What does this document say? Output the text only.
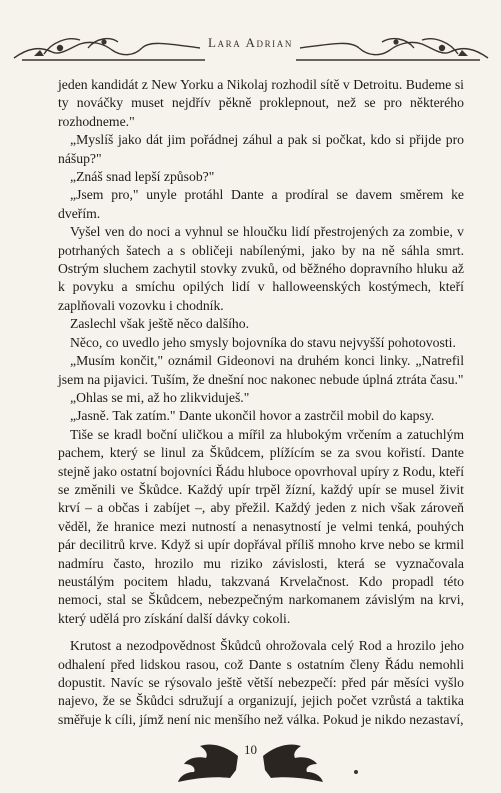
Lara Adrian

jeden kandidát z New Yorku a Nikolaj rozhodil sítě v Detroitu. Budeme si ty nováčky muset nejdřív pěkně proklepnout, než se pro některého rozhodneme."

„Myslíš jako dát jim pořádnej záhul a pak si počkat, kdo si přijde pro nášup?"

„Znáš snad lepší způsob?"

„Jsem pro," unyle protáhl Dante a prodíral se davem směrem ke dveřím.

Vyšel ven do noci a vyhnul se hloučku lidí přestrojených za zombie, v potrhaných šatech a s obličeji nabílenými, jako by na ně sáhla smrt. Ostrým sluchem zachytil stovky zvuků, od běžného dopravního hluku až k povyku a smíchu opilých lidí v halloweenských kostýmech, kteří zaplňovali vozovku i chodník.

Zaslechl však ještě něco dalšího.

Něco, co uvedlo jeho smysly bojovníka do stavu nejvyšší pohotovosti.

„Musím končit," oznámil Gideonovi na druhém konci linky. „Natrefil jsem na pijavici. Tuším, že dnešní noc nakonec nebude úplná ztráta času."

„Ohlas se mi, až ho zlikviduješ."

„Jasně. Tak zatím." Dante ukončil hovor a zastrčil mobil do kapsy.

Tiše se kradl boční uličkou a mířil za hlubokým vrčením a zatuchlým pachem, který se linul za Škůdcem, plížícím se za svou kořistí. Dante stejně jako ostatní bojovníci Řádu hluboce opovrhoval upíry z Rodu, kteří se změnili ve Škůdce. Každý upír trpěl žízní, každý upír se musel živit krví – a občas i zabíjet –, aby přežil. Každý jeden z nich však zároveň věděl, že hranice mezi nutností a nenasytností je velmi tenká, pouhých pár decilitrů krve. Když si upír dopřával příliš mnoho krve nebo se krmil nadmíru často, hrozilo mu riziko závislosti, která se vyznačovala neustálým pocitem hladu, takzvaná Krvelačnost. Kdo propadl této nemoci, stal se Škůdcem, nebezpečným narkomanem závislým na krvi, který udělá pro získání další dávky cokoli.

Krutost a nezodpovědnost Škůdců ohrožovala celý Rod a hrozilo jeho odhalení před lidskou rasou, což Dante s ostatním členy Řádu nemohli dopustit. Navíc se rýsovalo ještě větší nebezpečí: před pár měsíci vyšlo najevo, že se Škůdci sdružují a organizují, jejich počet vzrůstá a taktika směřuje k cíli, jímž není nic menšího než válka. Pokud je nikdo nezastaví,

10
